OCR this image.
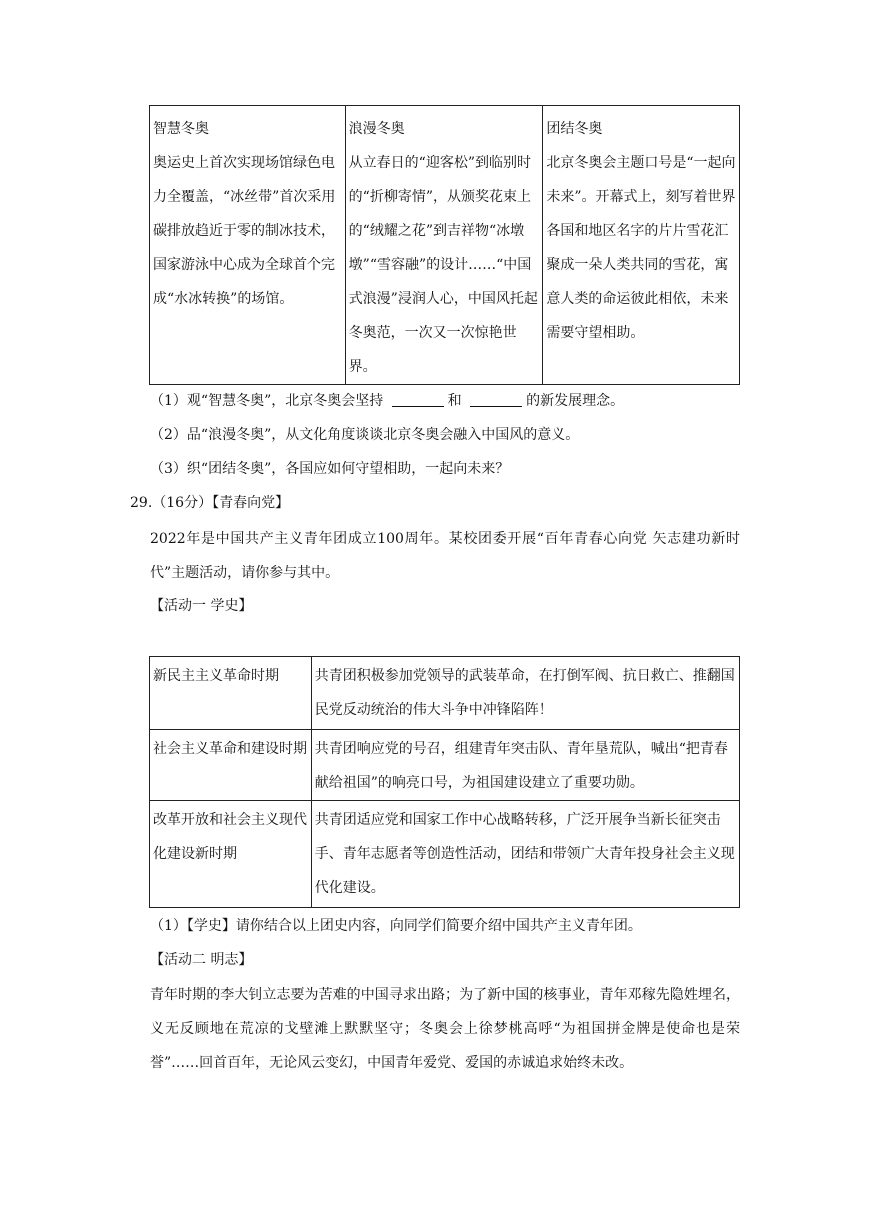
智慧冬奥
奥运史上首次实现场馆绿色电力全覆盖，“冰丝带”首次采用碳排放趋近于零的制冰技术，国家游泳中心成为全球首个完成“水冰转换”的场馆。

浪漫冬奥
从立春日的“迎客松”到临别时的“折柳寄情”，从颁奖花束上的“绒耀之花”到吉祥物“冰墩墩”“雪容融”的设计……“中国式浪漫”浸润人心，中国风托起冬奥范，一次又一次惊艳世界。

团结冬奥
北京冬奥会主题口号是“一起向未来”。开幕式上，刻写着世界各国和地区名字的片片雪花汇聚成一朵人类共同的雪花，寓意人类的命运彼此相依，未来需要守望相助。
（1）观“智慧冬奥”，北京冬奥会坚持	和	的新发展理念。
（2）品“浪漫冬奥”，从文化角度谈谈北京冬奥会融入中国风的意义。
（3）织“团结冬奥”，各国应如何守望相助，一起向未来？
29.（16分）【青春向党】
2022年是中国共产主义青年团成立100周年。某校团委开展“百年青春心向党 矢志建功新时代”主题活动，请你参与其中。
【活动一 学史】
新民主主义革命时期	共青团积极参加党领导的武装革命，在打倒军阀、抗日救亡、推翻国民党反动统治的伟大斗争中冲锋陷阵！
社会主义革命和建设时期	共青团响应党的号召，组建青年突击队、青年垦荒队，喊出“把青春献给祖国”的响亮口号，为祖国建设建立了重要功勋。
改革开放和社会主义现代化建设新时期	共青团适应党和国家工作中心战略转移，广泛开展争当新长征突击手、青年志愿者等创造性活动，团结和带领广大青年投身社会主义现代化建设。
（1）【学史】请你结合以上团史内容，向同学们简要介绍中国共产主义青年团。
【活动二 明志】
青年时期的李大钊立志要为苦难的中国寻求出路；为了新中国的核事业，青年邓稼先隐姓埋名，义无反顾地在荒凉的戈壁滩上默默坚守；冬奥会上徐梦桃高呼“为祖国拼金牌是使命也是荣誉”……回首百年，无论风云变幻，中国青年爱党、爱国的赤诚追求始终未改。
